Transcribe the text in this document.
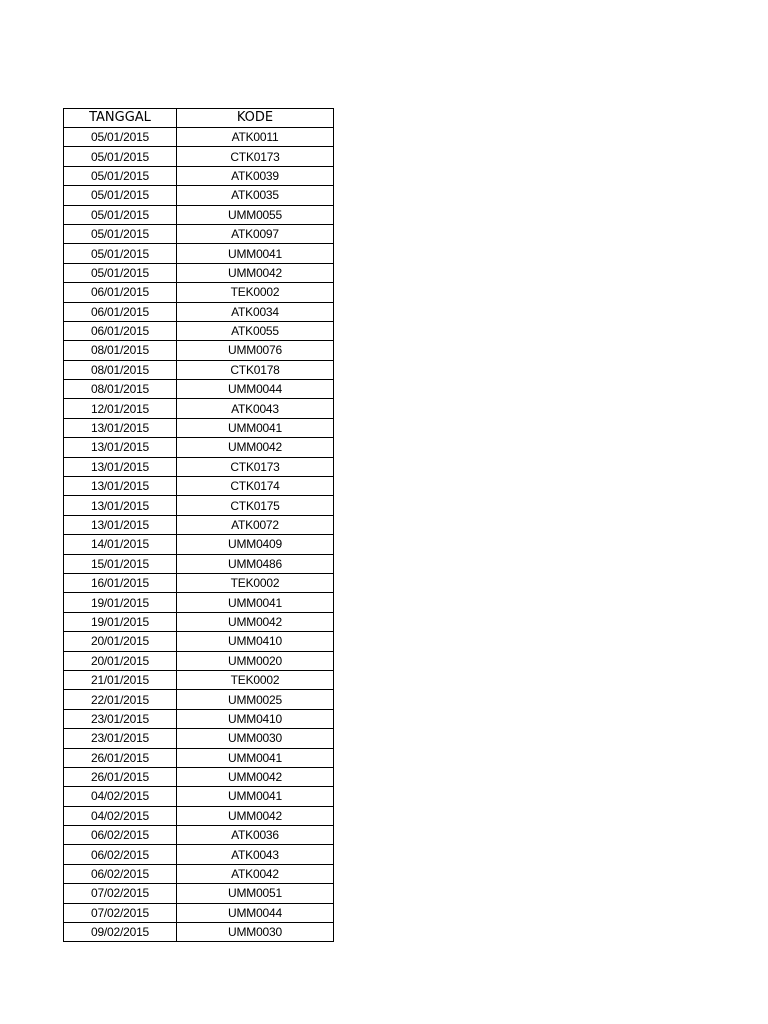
TANGGAL	KODE
05/01/2015	ATK0011
05/01/2015	CTK0173
05/01/2015	ATK0039
05/01/2015	ATK0035
05/01/2015	UMM0055
05/01/2015	ATK0097
05/01/2015	UMM0041
05/01/2015	UMM0042
06/01/2015	TEK0002
06/01/2015	ATK0034
06/01/2015	ATK0055
08/01/2015	UMM0076
08/01/2015	CTK0178
08/01/2015	UMM0044
12/01/2015	ATK0043
13/01/2015	UMM0041
13/01/2015	UMM0042
13/01/2015	CTK0173
13/01/2015	CTK0174
13/01/2015	CTK0175
13/01/2015	ATK0072
14/01/2015	UMM0409
15/01/2015	UMM0486
16/01/2015	TEK0002
19/01/2015	UMM0041
19/01/2015	UMM0042
20/01/2015	UMM0410
20/01/2015	UMM0020
21/01/2015	TEK0002
22/01/2015	UMM0025
23/01/2015	UMM0410
23/01/2015	UMM0030
26/01/2015	UMM0041
26/01/2015	UMM0042
04/02/2015	UMM0041
04/02/2015	UMM0042
06/02/2015	ATK0036
06/02/2015	ATK0043
06/02/2015	ATK0042
07/02/2015	UMM0051
07/02/2015	UMM0044
09/02/2015	UMM0030
